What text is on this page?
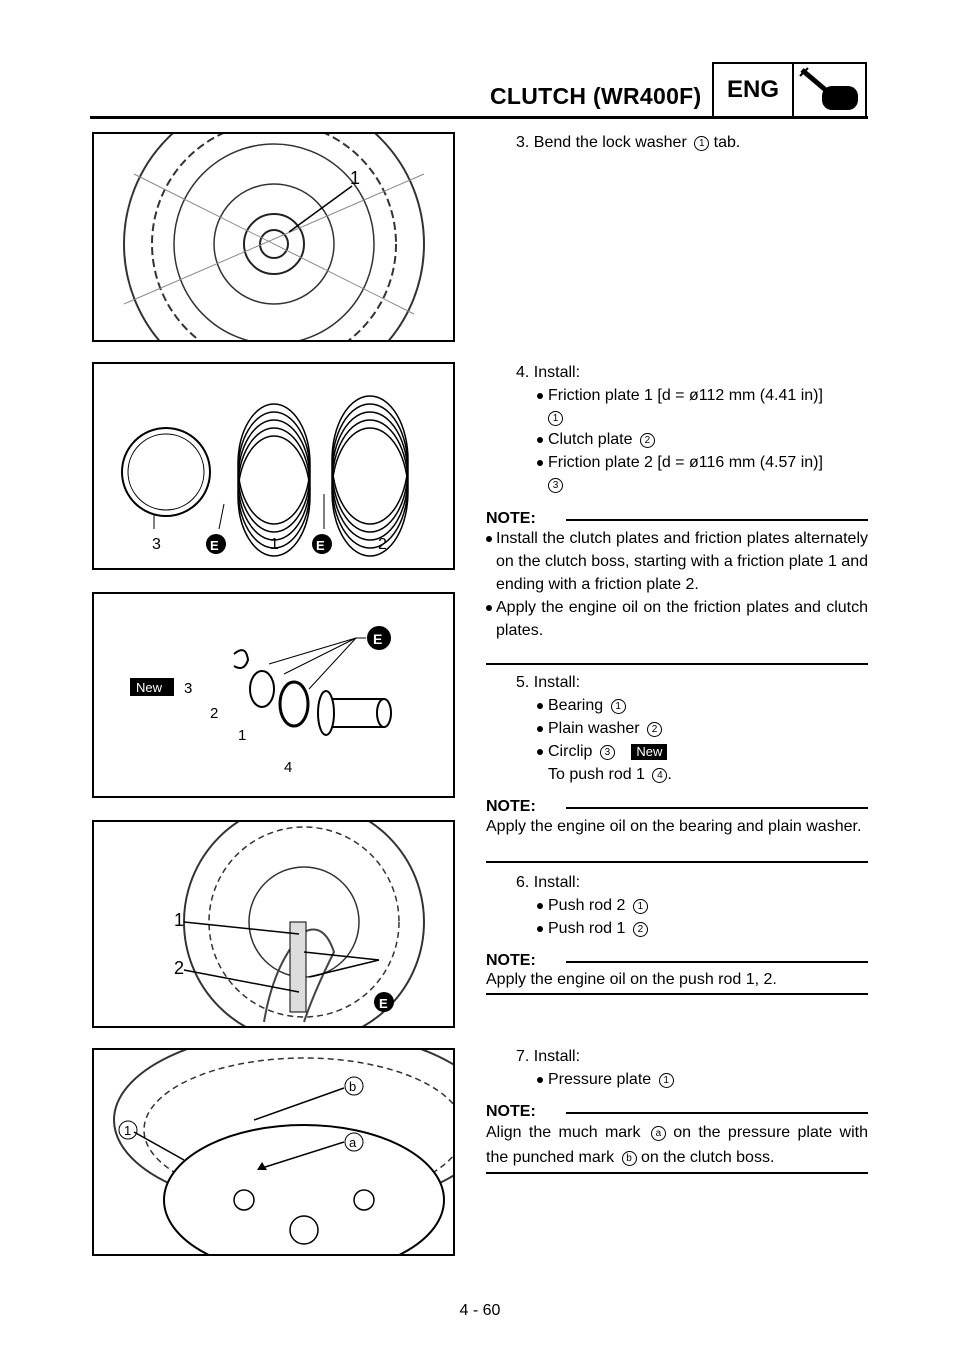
CLUTCH (WR400F)	ENG
1
3	E	1	E	2
E
New 3
2
1
4
1
2
E
b
1
a
3. Bend the lock washer 1 tab.
4. Install:
Friction plate 1 [d = ø112 mm (4.41 in)]
1
Clutch plate 2
Friction plate 2 [d = ø116 mm (4.57 in)]
3
NOTE:
Install the clutch plates and friction plates alternately on the clutch boss, starting with a friction plate 1 and ending with a friction plate 2.
Apply the engine oil on the friction plates and clutch plates.
5. Install:
Bearing 1
Plain washer 2
Circlip 3 New
To push rod 1 4 .
NOTE:
Apply the engine oil on the bearing and plain washer.
6. Install:
Push rod 2 1
Push rod 1 2
NOTE:
Apply the engine oil on the push rod 1, 2.
7. Install:
Pressure plate 1
NOTE:
Align the much mark a on the pressure plate with the punched mark b on the clutch boss.
4 - 60
